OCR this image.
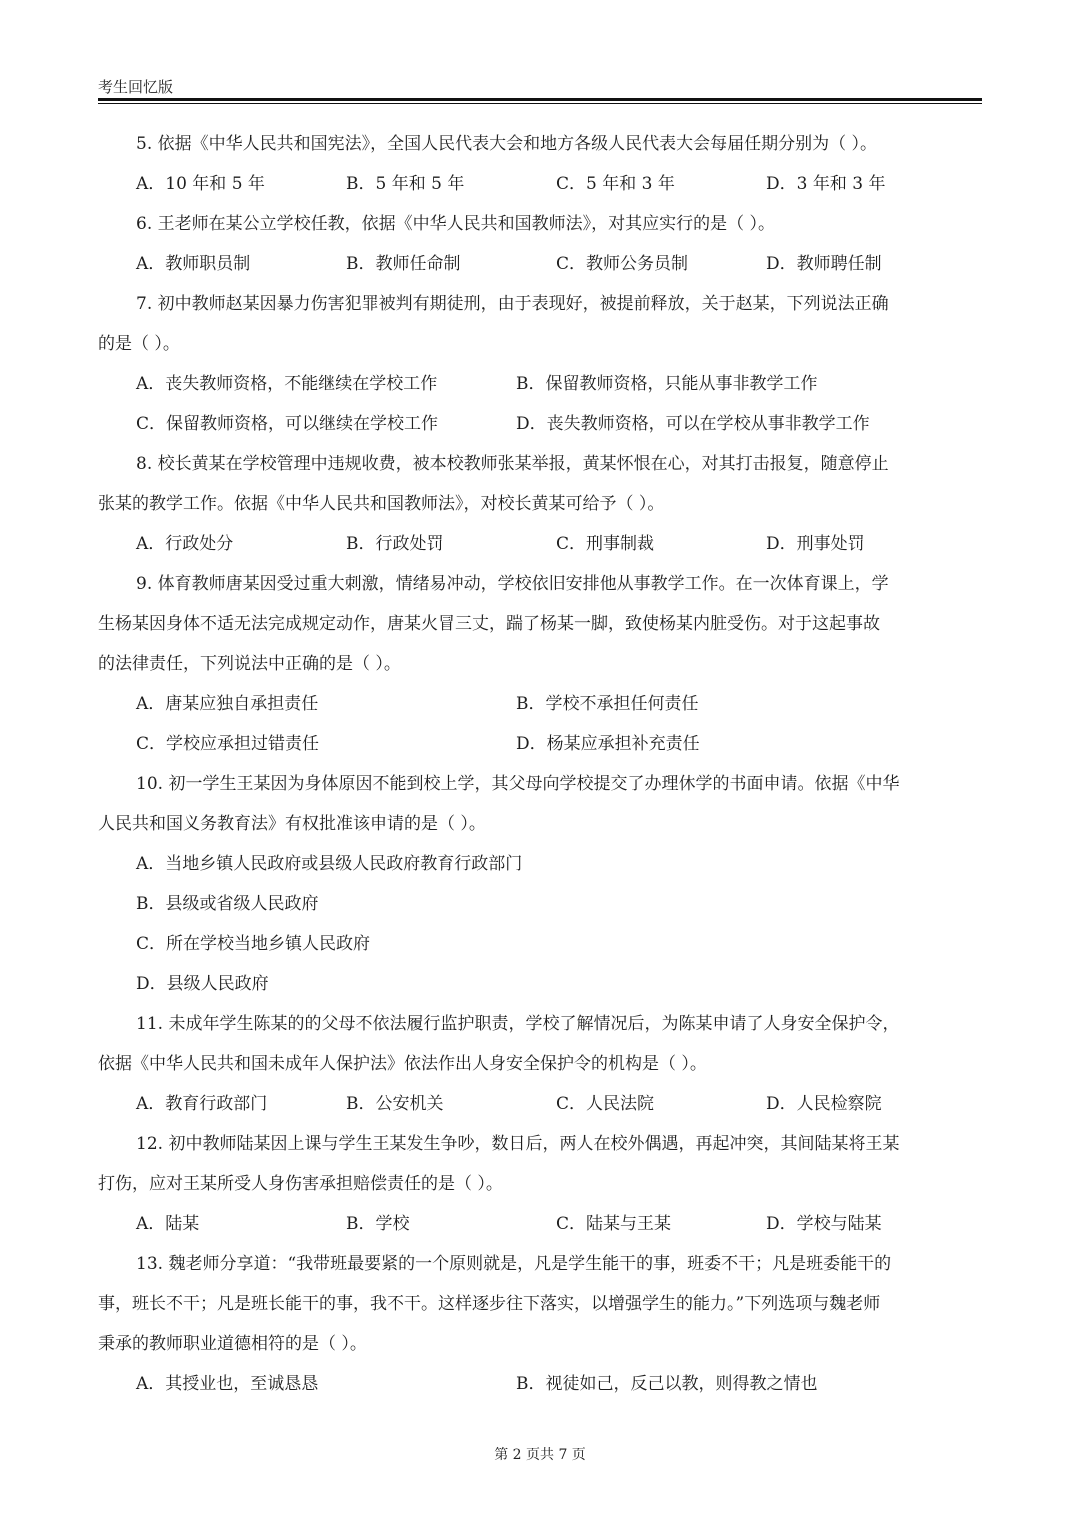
考生回忆版
5. 依据《中华人民共和国宪法》，全国人民代表大会和地方各级人民代表大会每届任期分别为（ ）。
A．10 年和 5 年	B．5 年和 5 年	C．5 年和 3 年	D．3 年和 3 年
6. 王老师在某公立学校任教，依据《中华人民共和国教师法》，对其应实行的是（ ）。
A．教师职员制	B．教师任命制	C．教师公务员制	D．教师聘任制
7. 初中教师赵某因暴力伤害犯罪被判有期徒刑，由于表现好，被提前释放，关于赵某，下列说法正确
的是（ ）。
A．丧失教师资格，不能继续在学校工作	B．保留教师资格，只能从事非教学工作
C．保留教师资格，可以继续在学校工作	D．丧失教师资格，可以在学校从事非教学工作
8. 校长黄某在学校管理中违规收费，被本校教师张某举报，黄某怀恨在心，对其打击报复，随意停止
张某的教学工作。依据《中华人民共和国教师法》，对校长黄某可给予（ ）。
A．行政处分	B．行政处罚	C．刑事制裁	D．刑事处罚
9. 体育教师唐某因受过重大刺激，情绪易冲动，学校依旧安排他从事教学工作。在一次体育课上，学
生杨某因身体不适无法完成规定动作，唐某火冒三丈，踹了杨某一脚，致使杨某内脏受伤。对于这起事故
的法律责任，下列说法中正确的是（ ）。
A．唐某应独自承担责任	B．学校不承担任何责任
C．学校应承担过错责任	D．杨某应承担补充责任
10. 初一学生王某因为身体原因不能到校上学，其父母向学校提交了办理休学的书面申请。依据《中华
人民共和国义务教育法》有权批准该申请的是（ ）。
A．当地乡镇人民政府或县级人民政府教育行政部门
B．县级或省级人民政府
C．所在学校当地乡镇人民政府
D．县级人民政府
11. 未成年学生陈某的的父母不依法履行监护职责，学校了解情况后，为陈某申请了人身安全保护令，
依据《中华人民共和国未成年人保护法》依法作出人身安全保护令的机构是（ ）。
A．教育行政部门	B．公安机关	C．人民法院	D．人民检察院
12. 初中教师陆某因上课与学生王某发生争吵，数日后，两人在校外偶遇，再起冲突，其间陆某将王某
打伤，应对王某所受人身伤害承担赔偿责任的是（ ）。
A．陆某	B．学校	C．陆某与王某	D．学校与陆某
13. 魏老师分享道：“我带班最要紧的一个原则就是，凡是学生能干的事，班委不干；凡是班委能干的
事，班长不干；凡是班长能干的事，我不干。这样逐步往下落实，以增强学生的能力。”下列选项与魏老师
秉承的教师职业道德相符的是（ ）。
A．其授业也，至诚恳恳	B．视徒如己，反己以教，则得教之情也
第 2 页共 7 页
